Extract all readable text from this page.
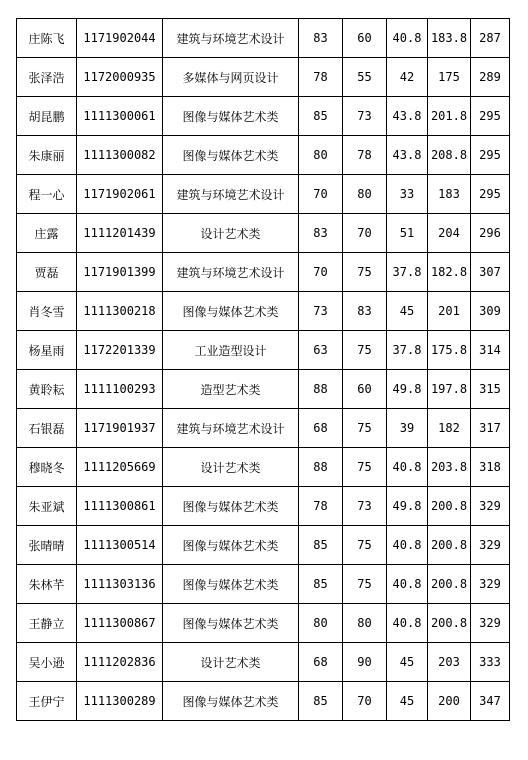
庄陈飞	1171902044	建筑与环境艺术设计	83	60	40.8	183.8	287
张泽浩	1172000935	多媒体与网页设计	78	55	42	175	289
胡昆鹏	1111300061	图像与媒体艺术类	85	73	43.8	201.8	295
朱康丽	1111300082	图像与媒体艺术类	80	78	43.8	208.8	295
程一心	1171902061	建筑与环境艺术设计	70	80	33	183	295
庄露	1111201439	设计艺术类	83	70	51	204	296
贾磊	1171901399	建筑与环境艺术设计	70	75	37.8	182.8	307
肖冬雪	1111300218	图像与媒体艺术类	73	83	45	201	309
杨星雨	1172201339	工业造型设计	63	75	37.8	175.8	314
黄聆耘	1111100293	造型艺术类	88	60	49.8	197.8	315
石银磊	1171901937	建筑与环境艺术设计	68	75	39	182	317
穆晓冬	1111205669	设计艺术类	88	75	40.8	203.8	318
朱亚斌	1111300861	图像与媒体艺术类	78	73	49.8	200.8	329
张晴晴	1111300514	图像与媒体艺术类	85	75	40.8	200.8	329
朱林芊	1111303136	图像与媒体艺术类	85	75	40.8	200.8	329
王静立	1111300867	图像与媒体艺术类	80	80	40.8	200.8	329
吴小逊	1111202836	设计艺术类	68	90	45	203	333
王伊宁	1111300289	图像与媒体艺术类	85	70	45	200	347
